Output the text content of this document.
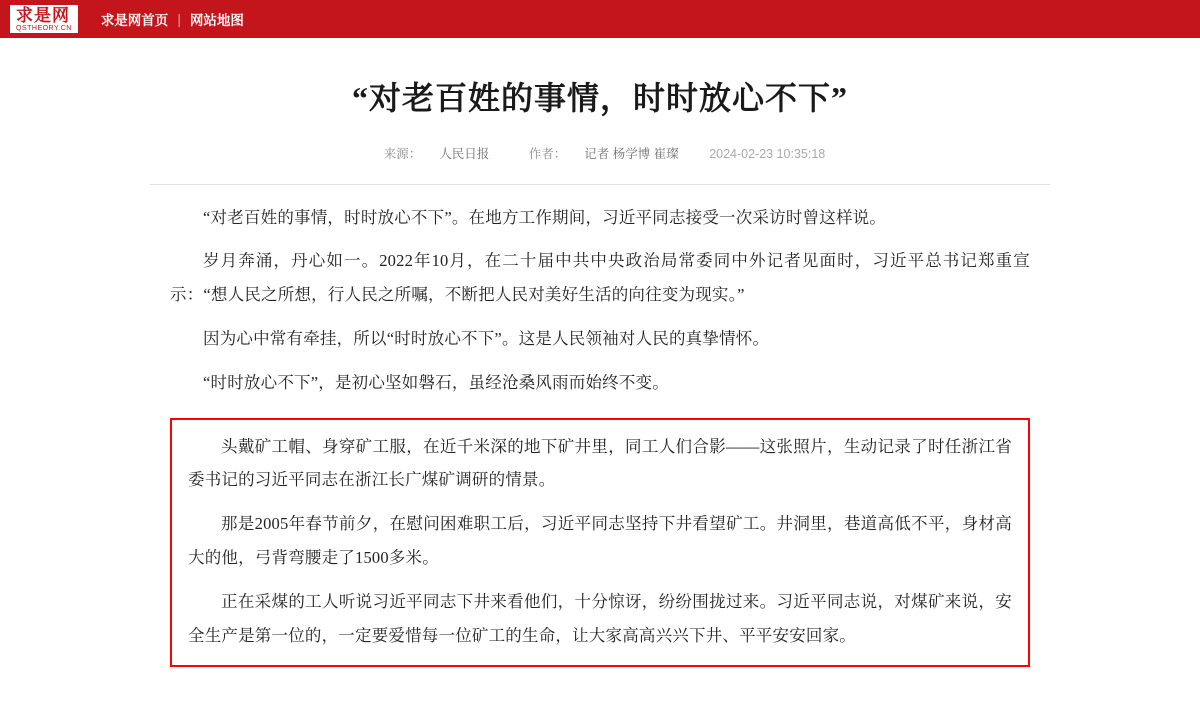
求是网
QSTHEORY.CN
求是网首页 | 网站地图
“对老百姓的事情，时时放心不下”
来源： 人民日报	作者： 记者 杨学博 崔璨 2024-02-23 10:35:18

“对老百姓的事情，时时放心不下”。在地方工作期间，习近平同志接受一次采访时曾这样说。

岁月奔涌，丹心如一。2022年10月，在二十届中共中央政治局常委同中外记者见面时，习近平总书记郑重宣示：“想人民之所想，行人民之所嘱，不断把人民对美好生活的向往变为现实。”

因为心中常有牵挂，所以“时时放心不下”。这是人民领袖对人民的真挚情怀。

“时时放心不下”，是初心坚如磐石，虽经沧桑风雨而始终不变。

头戴矿工帽、身穿矿工服，在近千米深的地下矿井里，同工人们合影——这张照片，生动记录了时任浙江省委书记的习近平同志在浙江长广煤矿调研的情景。

那是2005年春节前夕，在慰问困难职工后，习近平同志坚持下井看望矿工。井洞里，巷道高低不平，身材高大的他，弓背弯腰走了1500多米。

正在采煤的工人听说习近平同志下井来看他们，十分惊讶，纷纷围拢过来。习近平同志说，对煤矿来说，安全生产是第一位的，一定要爱惜每一位矿工的生命，让大家高高兴兴下井、平平安安回家。
